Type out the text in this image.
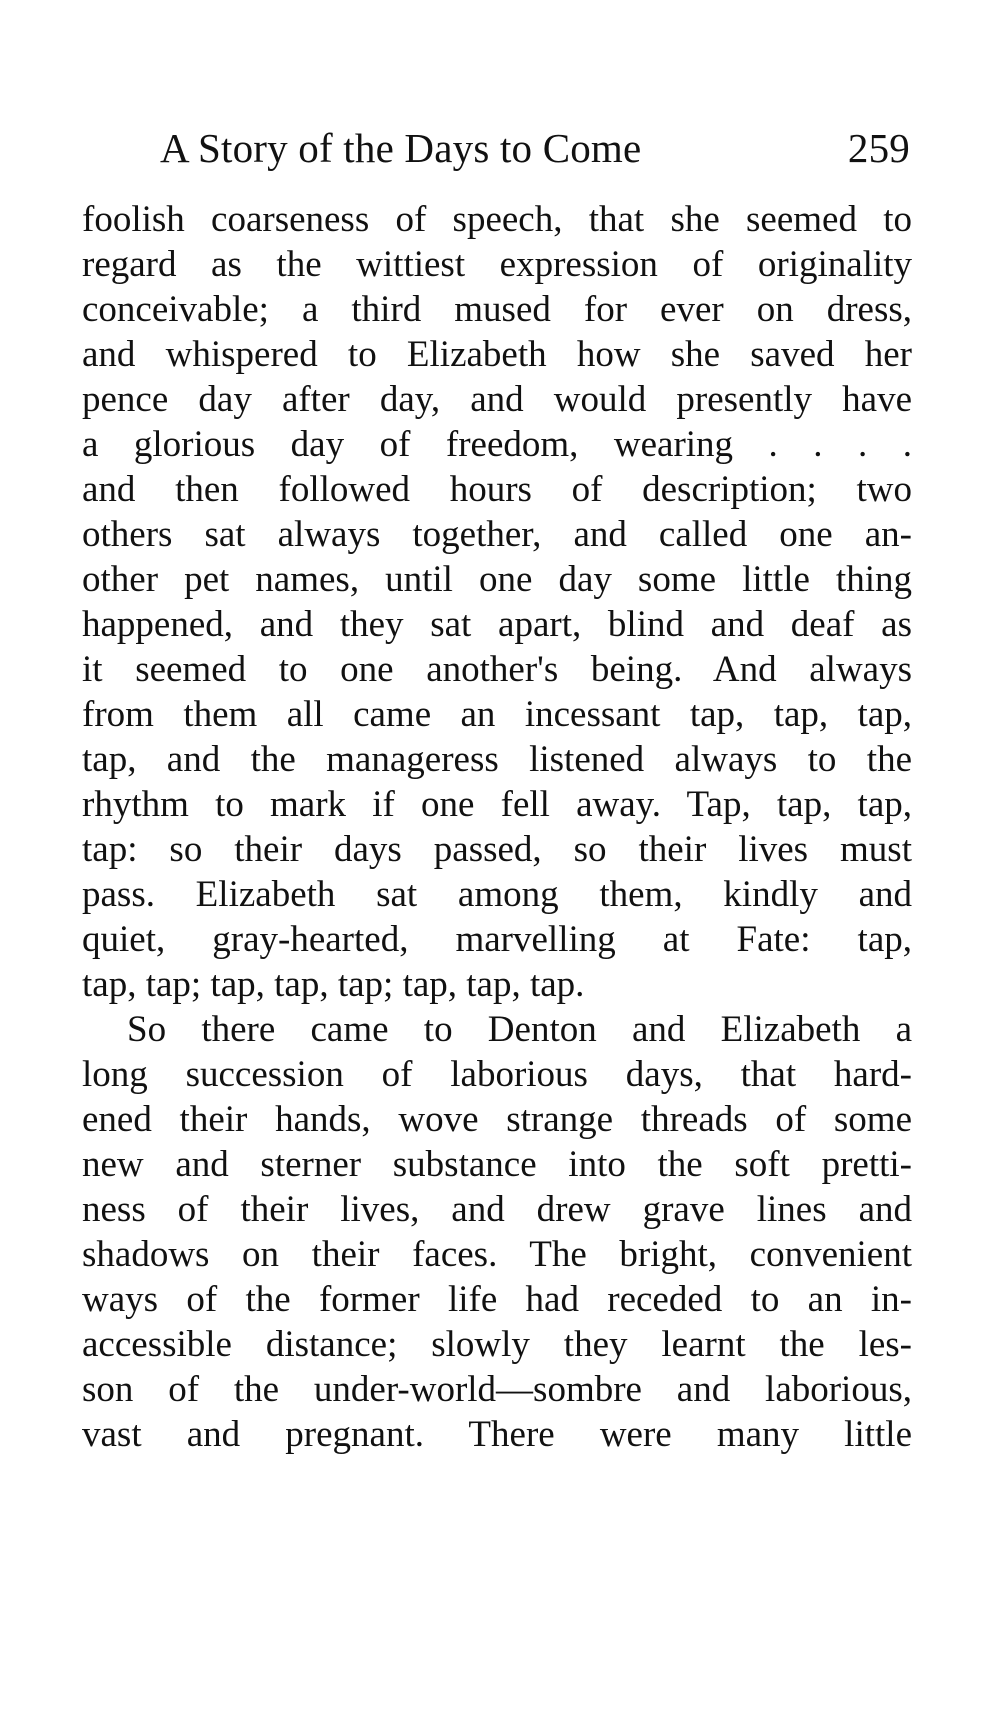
A Story of the Days to Come	259
foolish coarseness of speech, that she seemed to
regard as the wittiest expression of originality
conceivable; a third mused for ever on dress,
and whispered to Elizabeth how she saved her
pence day after day, and would presently have
a glorious day of freedom, wearing . . . .
and then followed hours of description; two
others sat always together, and called one an-
other pet names, until one day some little thing
happened, and they sat apart, blind and deaf as
it seemed to one another's being. And always
from them all came an incessant tap, tap, tap,
tap, and the manageress listened always to the
rhythm to mark if one fell away. Tap, tap, tap,
tap: so their days passed, so their lives must
pass. Elizabeth sat among them, kindly and
quiet, gray-hearted, marvelling at Fate: tap,
tap, tap; tap, tap, tap; tap, tap, tap.
So there came to Denton and Elizabeth a
long succession of laborious days, that hard-
ened their hands, wove strange threads of some
new and sterner substance into the soft pretti-
ness of their lives, and drew grave lines and
shadows on their faces. The bright, convenient
ways of the former life had receded to an in-
accessible distance; slowly they learnt the les-
son of the under-world—sombre and laborious,
vast and pregnant. There were many little
